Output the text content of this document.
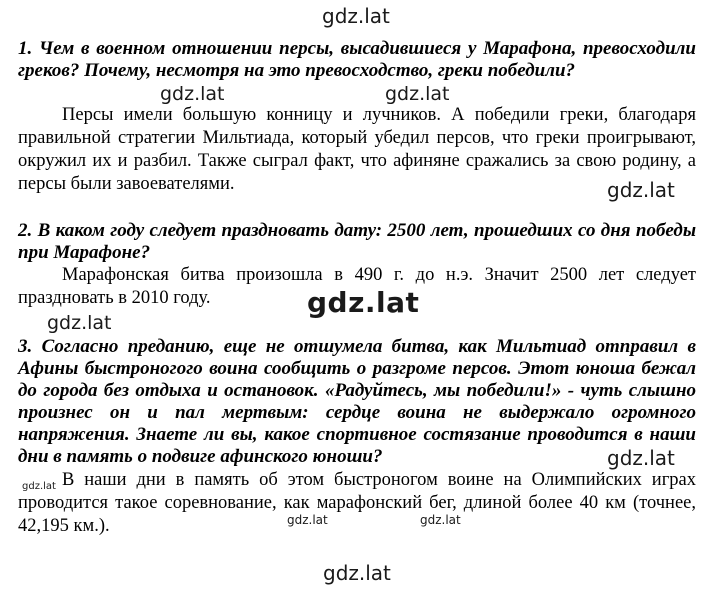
gdz.lat
1. Чем в военном отношении персы, высадившиеся у Марафона, превосходили греков? Почему, несмотря на это превосходство, греки победили?
Персы имели большую конницу и лучников. А победили греки, благодаря правильной стратегии Мильтиада, который убедил персов, что греки проигрывают, окружил их и разбил. Также сыграл факт, что афиняне сражались за свою родину, а персы были завоевателями.
gdz.lat	gdz.lat
gdz.lat
2. В каком году следует праздновать дату: 2500 лет, прошедших со дня победы при Марафоне?
Марафонская битва произошла в 490 г. до н.э. Значит 2500 лет следует праздновать в 2010 году.	gdz.lat
gdz.lat
3. Согласно преданию, еще не отшумела битва, как Мильтиад отправил в Афины быстроногого воина сообщить о разгроме персов. Этот юноша бежал до города без отдыха и остановок. «Радуйтесь, мы победили!» - чуть слышно произнес он и пал мертвым: сердце воина не выдержало огромного напряжения. Знаете ли вы, какое спортивное состязание проводится в наши дни в память о подвиге афинского юноши?
В наши дни в память об этом быстроногом воине на Олимпийских играх проводится такое соревнование, как марафонский бег, длиной более 40 км (точнее, 42,195 км.).
gdz.lat
gdz.lat
gdz.lat	gdz.lat
gdz.lat
